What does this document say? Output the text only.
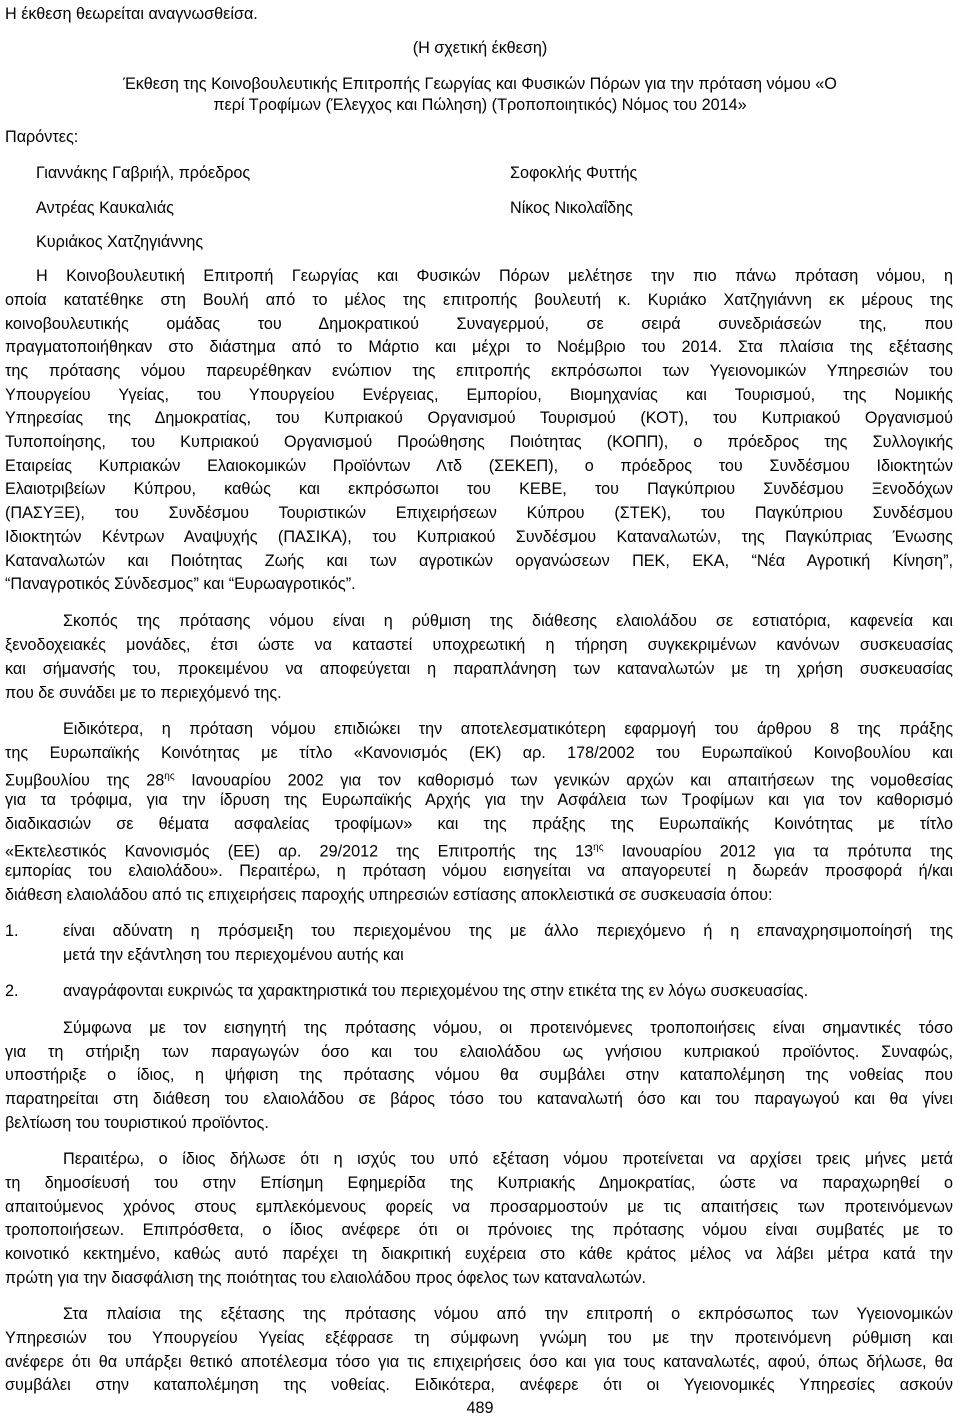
Η έκθεση θεωρείται αναγνωσθείσα.
(Η σχετική έκθεση)
Έκθεση της Κοινοβουλευτικής Επιτροπής Γεωργίας και Φυσικών Πόρων για την πρόταση νόμου «Ο
περί Τροφίμων (Έλεγχος και Πώληση) (Τροποποιητικός) Νόμος του 2014»
Παρόντες:
Γιαννάκης Γαβριήλ, πρόεδρος
Αντρέας Καυκαλιάς
Κυριάκος Χατζηγιάννης
Σοφοκλής Φυττής
Νίκος Νικολαΐδης
Η Κοινοβουλευτική Επιτροπή Γεωργίας και Φυσικών Πόρων μελέτησε την πιο πάνω πρόταση νόμου, η
οποία κατατέθηκε στη Βουλή από το μέλος της επιτροπής βουλευτή κ. Κυριάκο Χατζηγιάννη εκ μέρους της
κοινοβουλευτικής ομάδας του Δημοκρατικού Συναγερμού, σε σειρά συνεδριάσεών της, που
πραγματοποιήθηκαν στο διάστημα από το Μάρτιο και μέχρι το Νοέμβριο του 2014. Στα πλαίσια της εξέτασης
της πρότασης νόμου παρευρέθηκαν ενώπιον της επιτροπής εκπρόσωποι των Υγειονομικών Υπηρεσιών του
Υπουργείου Υγείας, του Υπουργείου Ενέργειας, Εμπορίου, Βιομηχανίας και Τουρισμού, της Νομικής
Υπηρεσίας της Δημοκρατίας, του Κυπριακού Οργανισμού Τουρισμού (ΚΟΤ), του Κυπριακού Οργανισμού
Τυποποίησης, του Κυπριακού Οργανισμού Προώθησης Ποιότητας (ΚΟΠΠ), ο πρόεδρος της Συλλογικής
Εταιρείας Κυπριακών Ελαιοκομικών Προϊόντων Λτδ (ΣΕΚΕΠ), ο πρόεδρος του Συνδέσμου Ιδιοκτητών
Ελαιοτριβείων Κύπρου, καθώς και εκπρόσωποι του ΚΕΒΕ, του Παγκύπριου Συνδέσμου Ξενοδόχων
(ΠΑΣΥΞΕ), του Συνδέσμου Τουριστικών Επιχειρήσεων Κύπρου (ΣΤΕΚ), του Παγκύπριου Συνδέσμου
Ιδιοκτητών Κέντρων Αναψυχής (ΠΑΣΙΚΑ), του Κυπριακού Συνδέσμου Καταναλωτών, της Παγκύπριας Ένωσης
Καταναλωτών και Ποιότητας Ζωής και των αγροτικών οργανώσεων ΠΕΚ, ΕΚΑ, “Νέα Αγροτική Κίνηση”,
“Παναγροτικός Σύνδεσμος” και “Ευρωαγροτικός”.
Σκοπός της πρότασης νόμου είναι η ρύθμιση της διάθεσης ελαιολάδου σε εστιατόρια, καφενεία και
ξενοδοχειακές μονάδες, έτσι ώστε να καταστεί υποχρεωτική η τήρηση συγκεκριμένων κανόνων συσκευασίας
και σήμανσής του, προκειμένου να αποφεύγεται η παραπλάνηση των καταναλωτών με τη χρήση συσκευασίας
που δε συνάδει με το περιεχόμενό της.
Ειδικότερα, η πρόταση νόμου επιδιώκει την αποτελεσματικότερη εφαρμογή του άρθρου 8 της πράξης
της Ευρωπαϊκής Κοινότητας με τίτλο «Κανονισμός (ΕΚ) αρ. 178/2002 του Ευρωπαϊκού Κοινοβουλίου και
Συμβουλίου της $28^{\eta\varsigma}$ Ιανουαρίου 2002 για τον καθορισμό των γενικών αρχών και απαιτήσεων της νομοθεσίας
για τα τρόφιμα, για την ίδρυση της Ευρωπαϊκής Αρχής για την Ασφάλεια των Τροφίμων και για τον καθορισμό
διαδικασιών σε θέματα ασφαλείας τροφίμων» και της πράξης της Ευρωπαϊκής Κοινότητας με τίτλο
«Εκτελεστικός Κανονισμός (ΕΕ) αρ. 29/2012 της Επιτροπής της $13^{\eta\varsigma}$ Ιανουαρίου 2012 για τα πρότυπα της
εμπορίας του ελαιολάδου». Περαιτέρω, η πρόταση νόμου εισηγείται να απαγορευτεί η δωρεάν προσφορά ή/και
διάθεση ελαιολάδου από τις επιχειρήσεις παροχής υπηρεσιών εστίασης αποκλειστικά σε συσκευασία όπου:
1.	είναι αδύνατη η πρόσμειξη του περιεχομένου της με άλλο περιεχόμενο ή η επαναχρησιμοποίησή της
μετά την εξάντληση του περιεχομένου αυτής και
2.	αναγράφονται ευκρινώς τα χαρακτηριστικά του περιεχομένου της στην ετικέτα της εν λόγω συσκευασίας.
Σύμφωνα με τον εισηγητή της πρότασης νόμου, οι προτεινόμενες τροποποιήσεις είναι σημαντικές τόσο
για τη στήριξη των παραγωγών όσο και του ελαιολάδου ως γνήσιου κυπριακού προϊόντος. Συναφώς,
υποστήριξε ο ίδιος, η ψήφιση της πρότασης νόμου θα συμβάλει στην καταπολέμηση της νοθείας που
παρατηρείται στη διάθεση του ελαιολάδου σε βάρος τόσο του καταναλωτή όσο και του παραγωγού και θα γίνει
βελτίωση του τουριστικού προϊόντος.
Περαιτέρω, ο ίδιος δήλωσε ότι η ισχύς του υπό εξέταση νόμου προτείνεται να αρχίσει τρεις μήνες μετά
τη δημοσίευσή του στην Επίσημη Εφημερίδα της Κυπριακής Δημοκρατίας, ώστε να παραχωρηθεί ο
απαιτούμενος χρόνος στους εμπλεκόμενους φορείς να προσαρμοστούν με τις απαιτήσεις των προτεινόμενων
τροποποιήσεων. Επιπρόσθετα, ο ίδιος ανέφερε ότι οι πρόνοιες της πρότασης νόμου είναι συμβατές με το
κοινοτικό κεκτημένο, καθώς αυτό παρέχει τη διακριτική ευχέρεια στο κάθε κράτος μέλος να λάβει μέτρα κατά την
πρώτη για την διασφάλιση της ποιότητας του ελαιολάδου προς όφελος των καταναλωτών.
Στα πλαίσια της εξέτασης της πρότασης νόμου από την επιτροπή ο εκπρόσωπος των Υγειονομικών
Υπηρεσιών του Υπουργείου Υγείας εξέφρασε τη σύμφωνη γνώμη του με την προτεινόμενη ρύθμιση και
ανέφερε ότι θα υπάρξει θετικό αποτέλεσμα τόσο για τις επιχειρήσεις όσο και για τους καταναλωτές, αφού, όπως δήλωσε, θα
συμβάλει στην καταπολέμηση της νοθείας. Ειδικότερα, ανέφερε ότι οι Υγειονομικές Υπηρεσίες ασκούν
489
